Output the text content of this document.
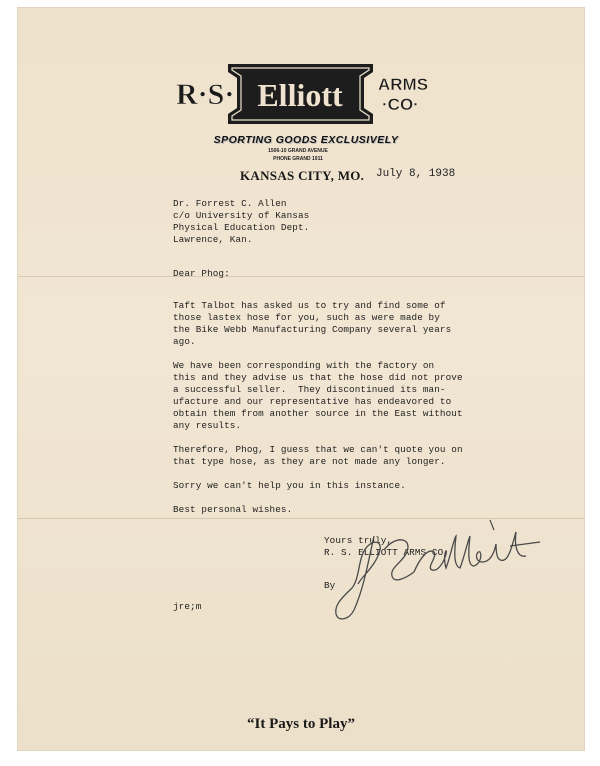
R·S· Elliott ARMS
·CO·
SPORTING GOODS EXCLUSIVELY
1506-10 GRAND AVENUE
PHONE GRAND 1911
KANSAS CITY, MO. July 8, 1938
Dr. Forrest C. Allen
c/o University of Kansas
Physical Education Dept.
Lawrence, Kan.
Dear Phog:
Taft Talbot has asked us to try and find some of
those lastex hose for you, such as were made by
the Bike Webb Manufacturing Company several years
ago.
We have been corresponding with the factory on
this and they advise us that the hose did not prove
a successful seller.  They discontinued its man-
ufacture and our representative has endeavored to
obtain them from another source in the East without
any results.
Therefore, Phog, I guess that we can't quote you on
that type hose, as they are not made any longer.
Sorry we can't help you in this instance.
Best personal wishes.
Yours truly,
R. S. ELLIOTT ARMS CO.
By
jre;m
“It Pays to Play”
